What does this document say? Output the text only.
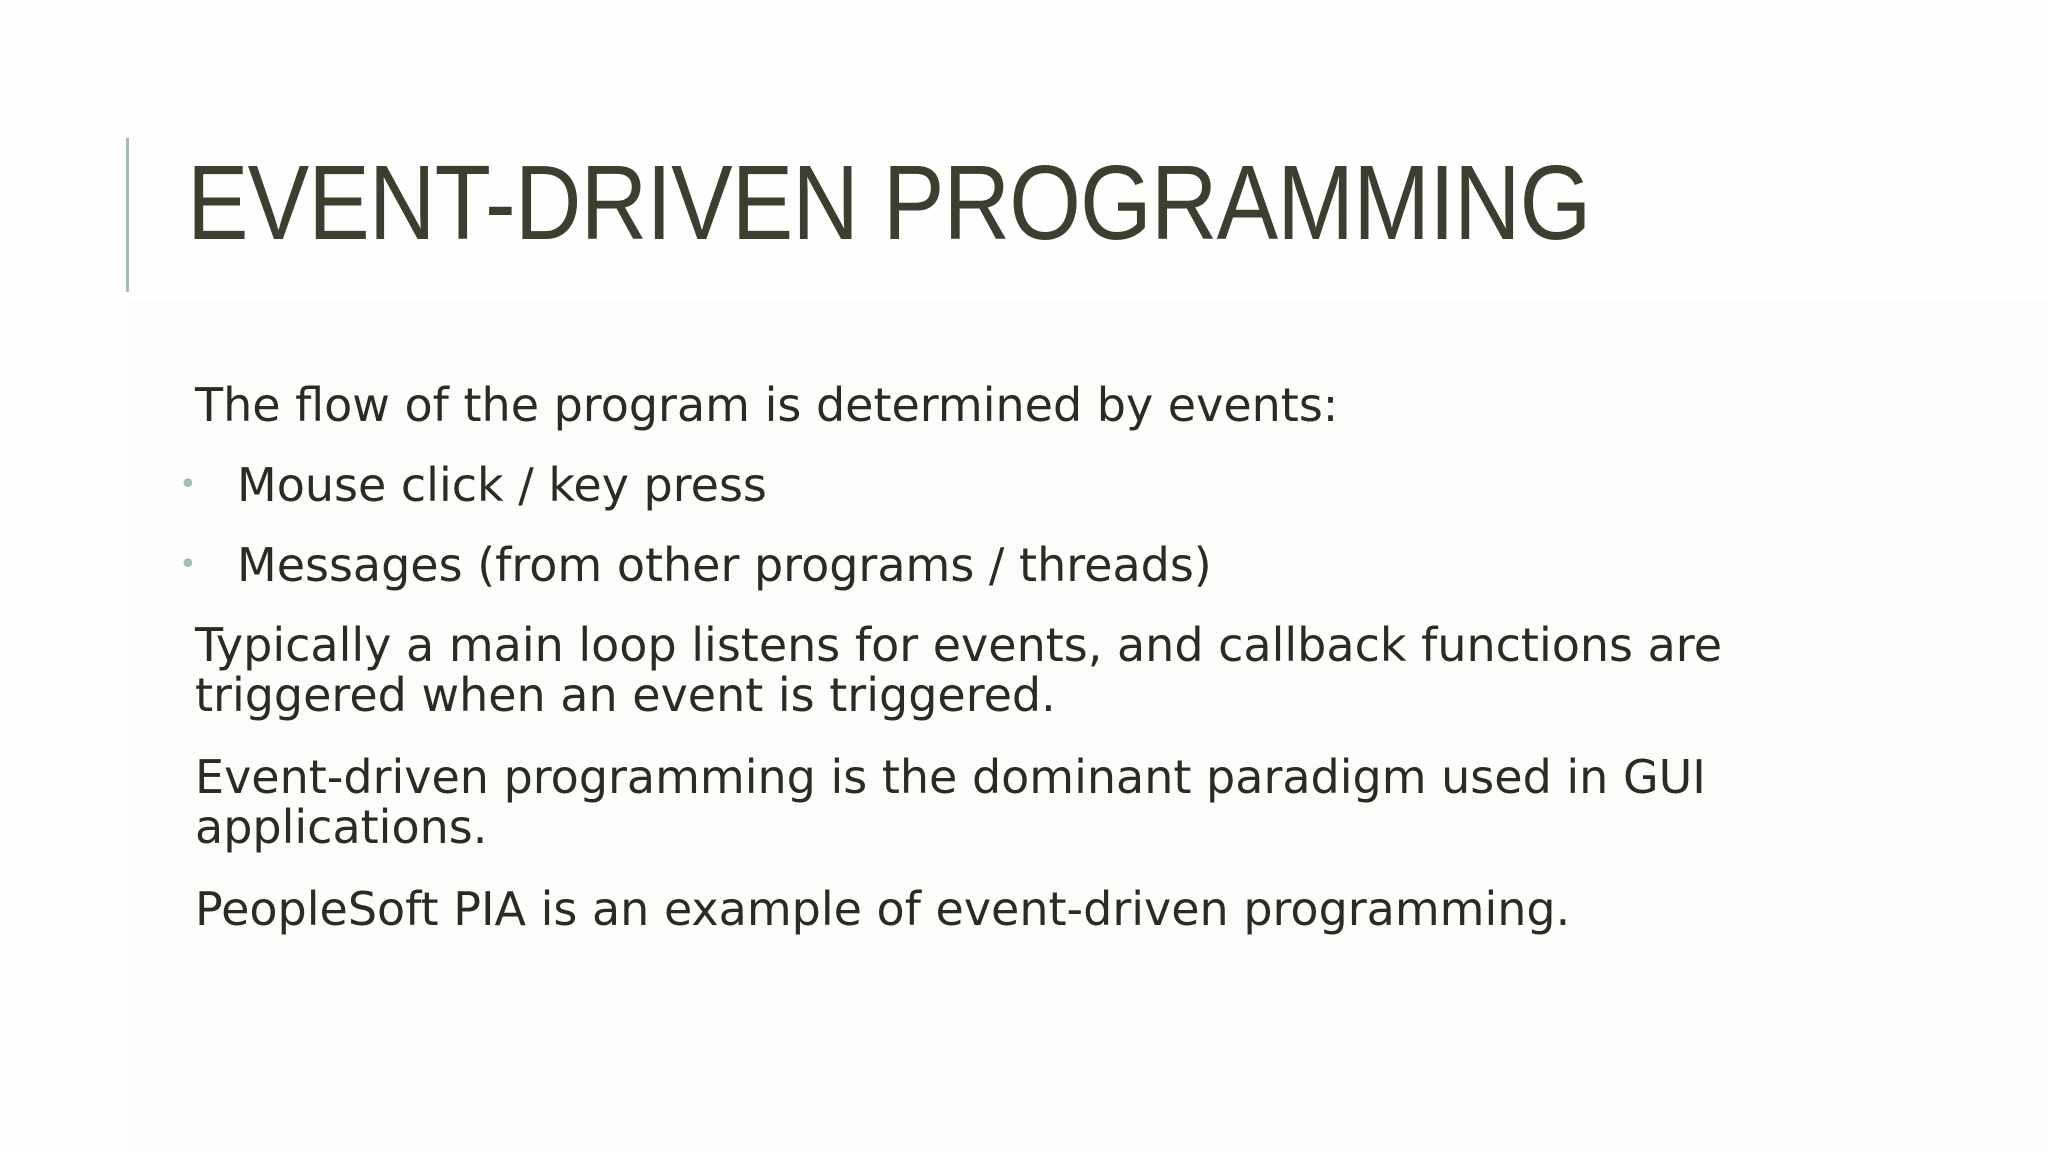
EVENT-DRIVEN PROGRAMMING

The flow of the program is determined by events:

• Mouse click / key press

• Messages (from other programs / threads)

Typically a main loop listens for events, and callback functions are triggered when an event is triggered.

Event-driven programming is the dominant paradigm used in GUI applications.

PeopleSoft PIA is an example of event-driven programming.
